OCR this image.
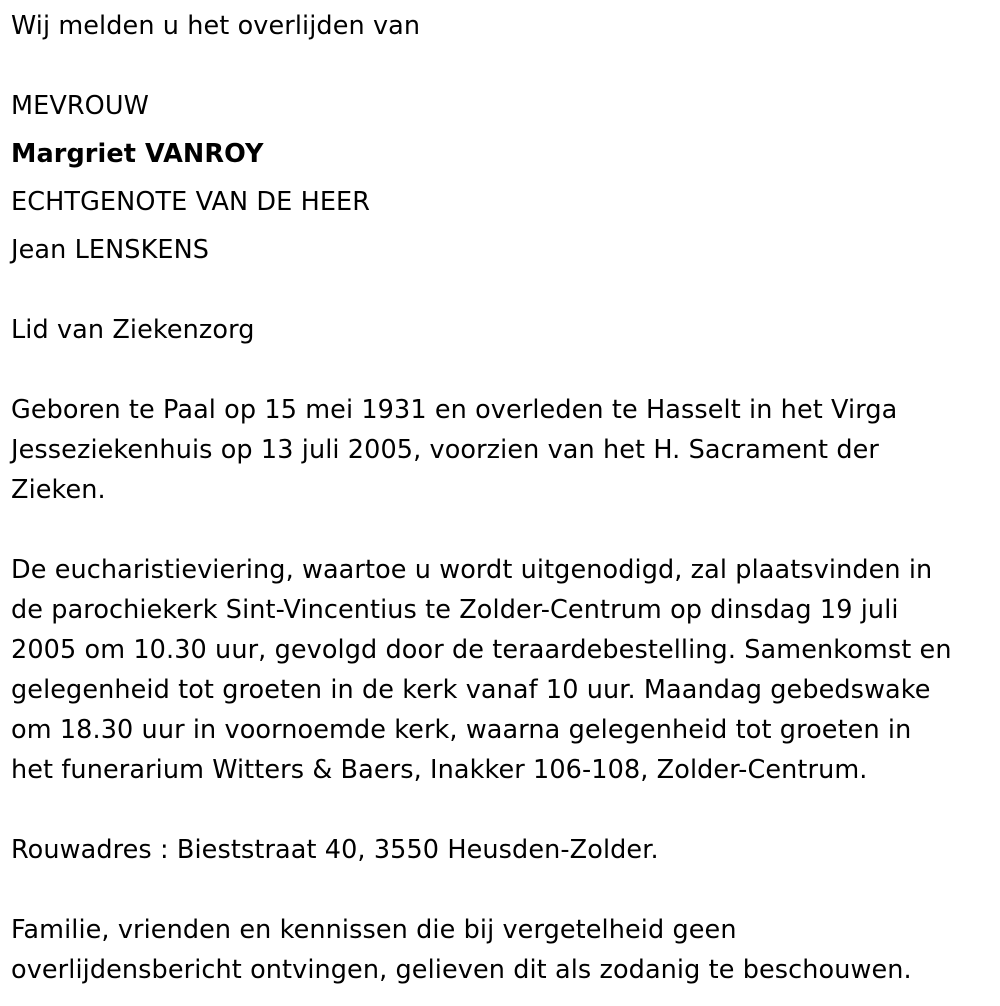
Wij melden u het overlijden van

MEVROUW

Margriet VANROY

ECHTGENOTE VAN DE HEER

Jean LENSKENS

Lid van Ziekenzorg

Geboren te Paal op 15 mei 1931 en overleden te Hasselt in het Virga
Jesseziekenhuis op 13 juli 2005, voorzien van het H. Sacrament der
Zieken.

De eucharistieviering, waartoe u wordt uitgenodigd, zal plaatsvinden in
de parochiekerk Sint-Vincentius te Zolder-Centrum op dinsdag 19 juli
2005 om 10.30 uur, gevolgd door de teraardebestelling. Samenkomst en
gelegenheid tot groeten in de kerk vanaf 10 uur. Maandag gebedswake
om 18.30 uur in voornoemde kerk, waarna gelegenheid tot groeten in
het funerarium Witters & Baers, Inakker 106-108, Zolder-Centrum.

Rouwadres : Bieststraat 40, 3550 Heusden-Zolder.

Familie, vrienden en kennissen die bij vergetelheid geen
overlijdensbericht ontvingen, gelieven dit als zodanig te beschouwen.
